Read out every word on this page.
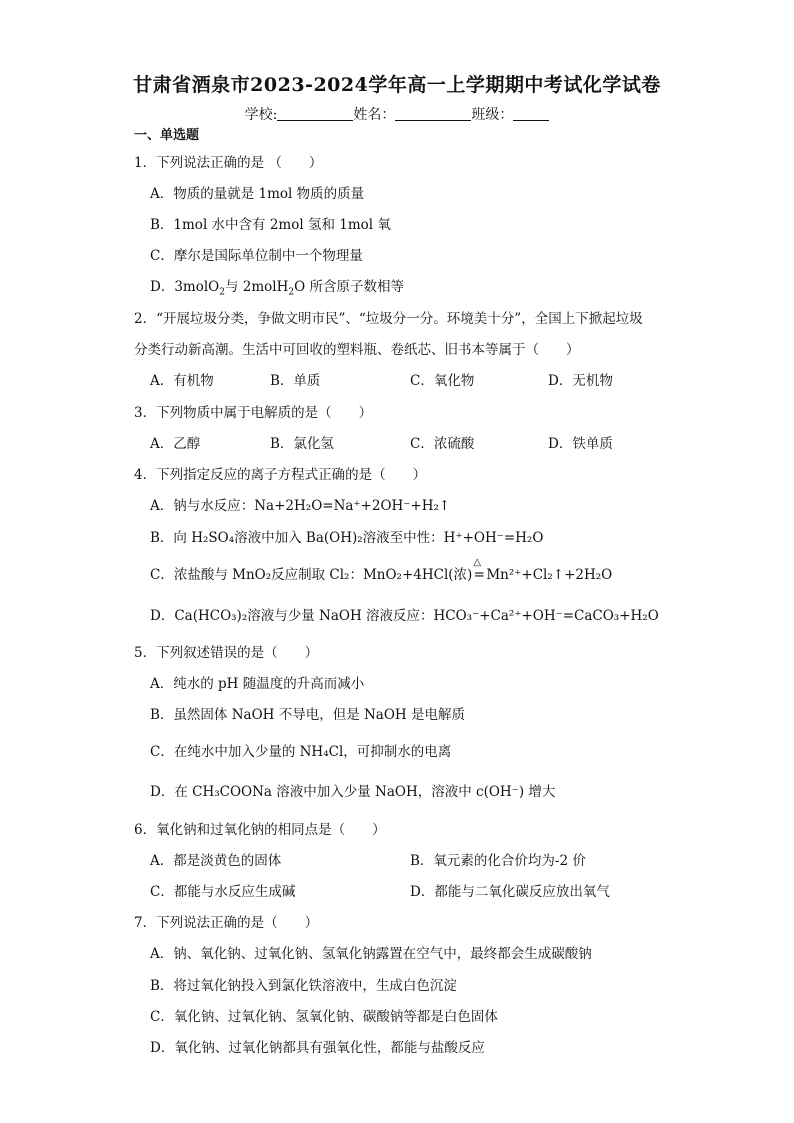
甘肃省酒泉市2023-2024学年高一上学期期中考试化学试卷
学校:	姓名：	班级：
一、单选题
1．下列说法正确的是 （　　）
A．物质的量就是 1mol 物质的质量
B．1mol 水中含有 2mol 氢和 1mol 氧
C．摩尔是国际单位制中一个物理量
D．3molO$_2$与 2molH$_2$O 所含原子数相等
2．“开展垃圾分类，争做文明市民”、“垃圾分一分。环境美十分”，全国上下掀起垃圾
分类行动新高潮。生活中可回收的塑料瓶、卷纸芯、旧书本等属于（　　）
A．有机物	B．单质	C．氧化物	D．无机物
3．下列物质中属于电解质的是（　　）
A．乙醇	B．氯化氢	C．浓硫酸	D．铁单质
4．下列指定反应的离子方程式正确的是（　　）
A．钠与水反应：Na+2H₂O=Na⁺+2OH⁻+H₂↑
B．向 H₂SO₄溶液中加入 Ba(OH)₂溶液至中性：H⁺+OH⁻=H₂O
C．浓盐酸与 MnO₂反应制取 Cl₂：MnO₂+4HCl(浓)
△
=Mn²⁺+Cl₂↑+2H₂O
D．Ca(HCO₃)₂溶液与少量 NaOH 溶液反应：HCO₃⁻+Ca²⁺+OH⁻=CaCO₃+H₂O
5．下列叙述错误的是（　　）
A．纯水的 pH 随温度的升高而减小
B．虽然固体 NaOH 不导电，但是 NaOH 是电解质
C．在纯水中加入少量的 NH₄Cl，可抑制水的电离
D．在 CH₃COONa 溶液中加入少量 NaOH，溶液中 c(OH⁻) 增大
6．氧化钠和过氧化钠的相同点是（　　）
A．都是淡黄色的固体	B．氧元素的化合价均为-2 价
C．都能与水反应生成碱	D．都能与二氧化碳反应放出氧气
7．下列说法正确的是（　　）
A．钠、氧化钠、过氧化钠、氢氧化钠露置在空气中，最终都会生成碳酸钠
B．将过氧化钠投入到氯化铁溶液中，生成白色沉淀
C．氧化钠、过氧化钠、氢氧化钠、碳酸钠等都是白色固体
D．氧化钠、过氧化钠都具有强氧化性，都能与盐酸反应
